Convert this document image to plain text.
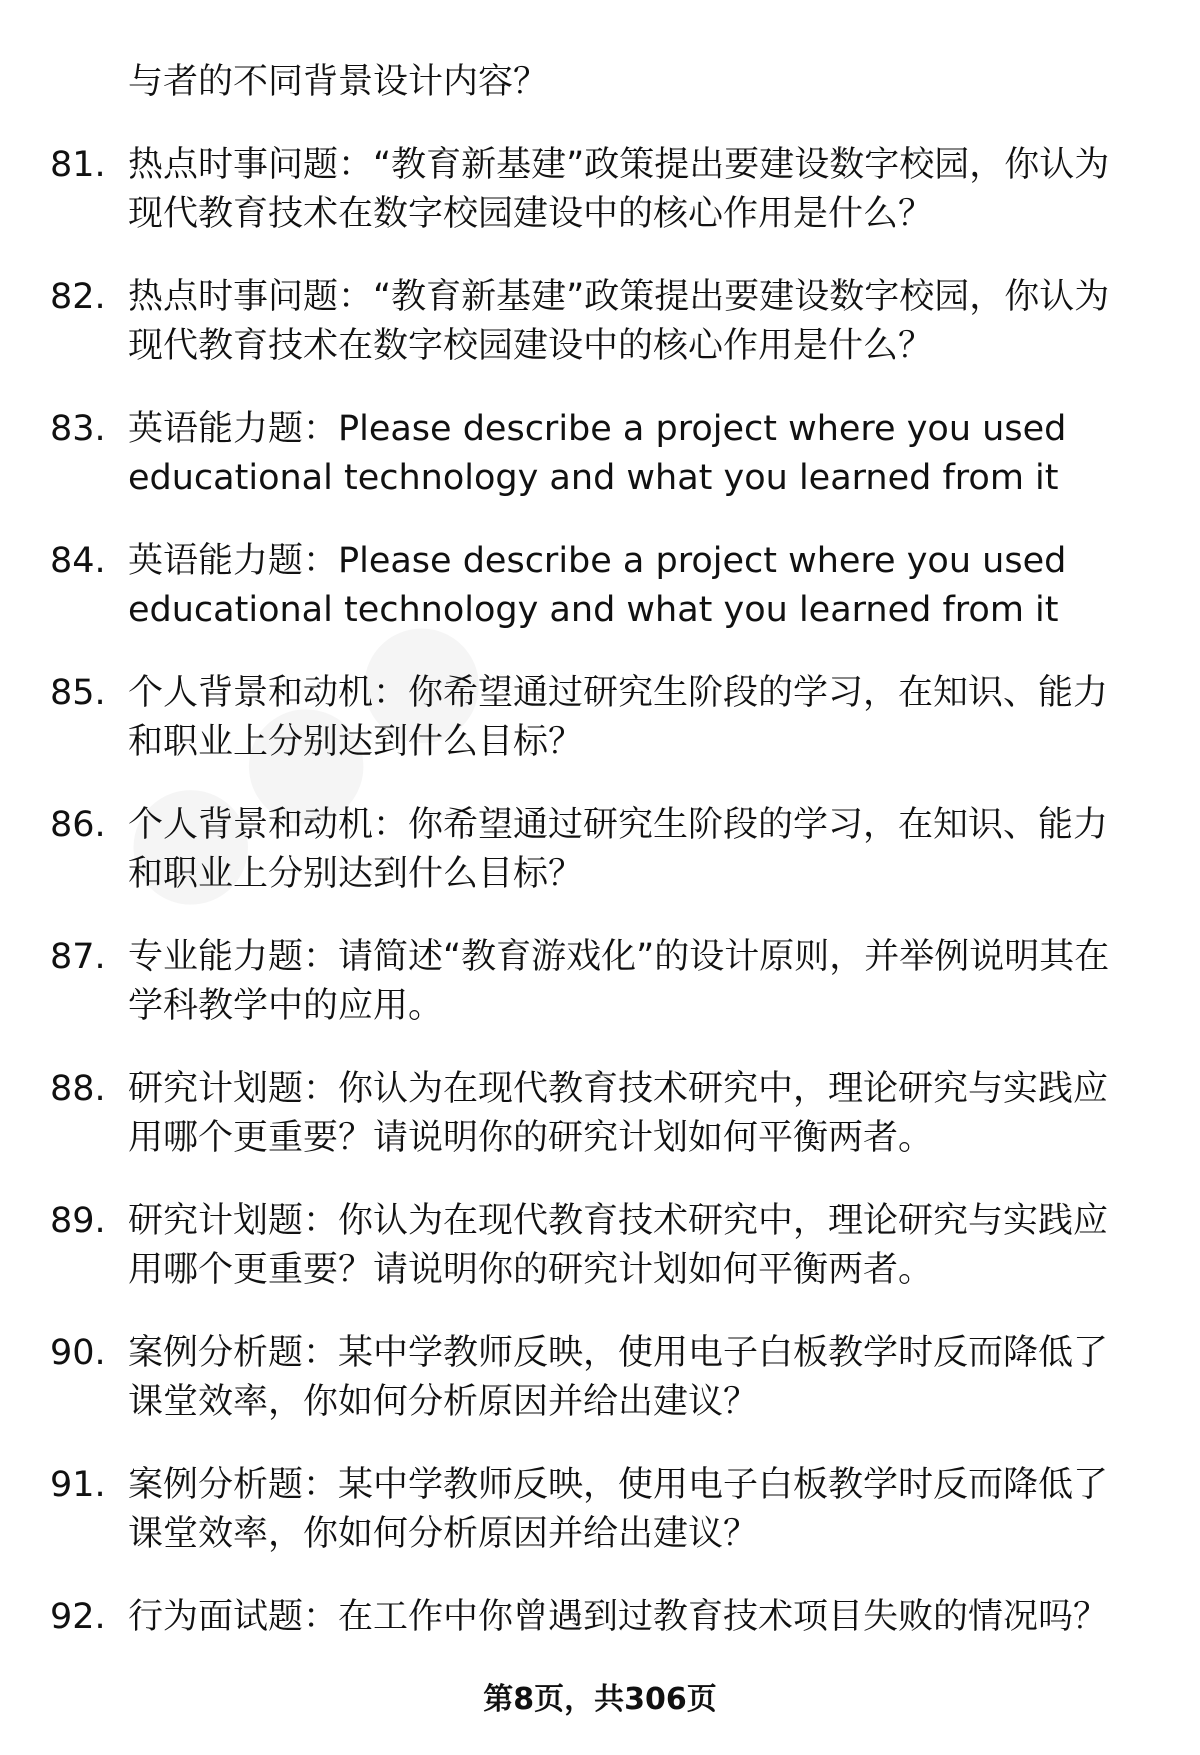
与者的不同背景设计内容？
81. 热点时事问题：“教育新基建”政策提出要建设数字校园，你认为现代教育技术在数字校园建设中的核心作用是什么？
82. 热点时事问题：“教育新基建”政策提出要建设数字校园，你认为现代教育技术在数字校园建设中的核心作用是什么？
83. 英语能力题：Please describe a project where you used educational technology and what you learned from it
84. 英语能力题：Please describe a project where you used educational technology and what you learned from it
85. 个人背景和动机：你希望通过研究生阶段的学习，在知识、能力和职业上分别达到什么目标？
86. 个人背景和动机：你希望通过研究生阶段的学习，在知识、能力和职业上分别达到什么目标？
87. 专业能力题：请简述“教育游戏化”的设计原则，并举例说明其在学科教学中的应用。
88. 研究计划题：你认为在现代教育技术研究中，理论研究与实践应用哪个更重要？请说明你的研究计划如何平衡两者。
89. 研究计划题：你认为在现代教育技术研究中，理论研究与实践应用哪个更重要？请说明你的研究计划如何平衡两者。
90. 案例分析题：某中学教师反映，使用电子白板教学时反而降低了课堂效率，你如何分析原因并给出建议？
91. 案例分析题：某中学教师反映，使用电子白板教学时反而降低了课堂效率，你如何分析原因并给出建议？
92. 行为面试题：在工作中你曾遇到过教育技术项目失败的情况吗？
第8页，共306页
